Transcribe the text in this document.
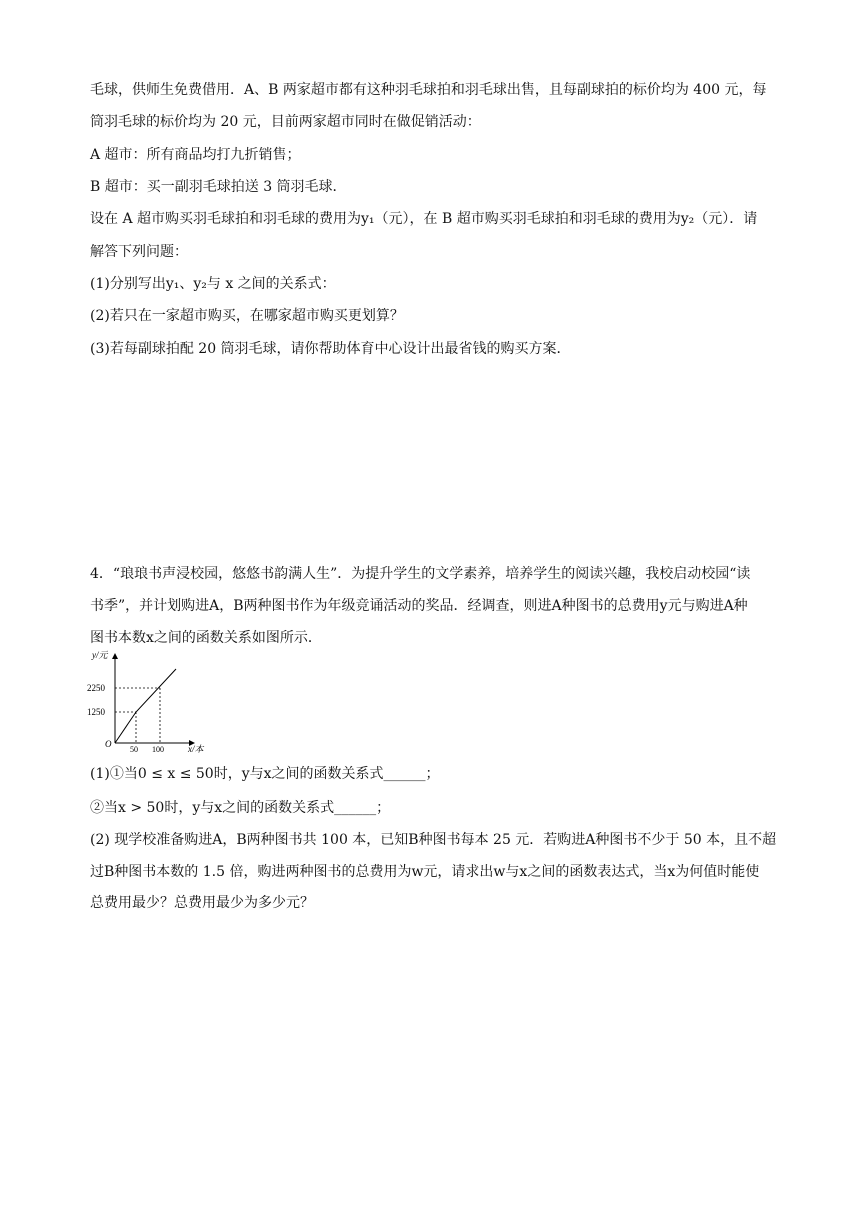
毛球，供师生免费借用．A、B 两家超市都有这种羽毛球拍和羽毛球出售，且每副球拍的标价均为 400 元，每
筒羽毛球的标价均为 20 元，目前两家超市同时在做促销活动：
A 超市：所有商品均打九折销售；
B 超市：买一副羽毛球拍送 3 筒羽毛球．
设在 A 超市购买羽毛球拍和羽毛球的费用为y₁（元），在 B 超市购买羽毛球拍和羽毛球的费用为y₂（元）．请
解答下列问题：
(1)分别写出y₁、y₂与 x 之间的关系式：
(2)若只在一家超市购买，在哪家超市购买更划算？
(3)若每副球拍配 20 筒羽毛球，请你帮助体育中心设计出最省钱的购买方案．
4．“琅琅书声浸校园，悠悠书韵满人生”．为提升学生的文学素养，培养学生的阅读兴趣，我校启动校园“读
书季”，并计划购进A，B两种图书作为年级竞诵活动的奖品．经调查，则进A种图书的总费用y元与购进A种
图书本数x之间的函数关系如图所示．
y/元
2250
1250
O
50 100	x/本
(1)①当0 ≤ x ≤ 50时，y与x之间的函数关系式______；
②当x > 50时，y与x之间的函数关系式______；
(2) 现学校准备购进A，B两种图书共 100 本，已知B种图书每本 25 元．若购进A种图书不少于 50 本，且不超
过B种图书本数的 1.5 倍，购进两种图书的总费用为w元，请求出w与x之间的函数表达式，当x为何值时能使
总费用最少？总费用最少为多少元？
